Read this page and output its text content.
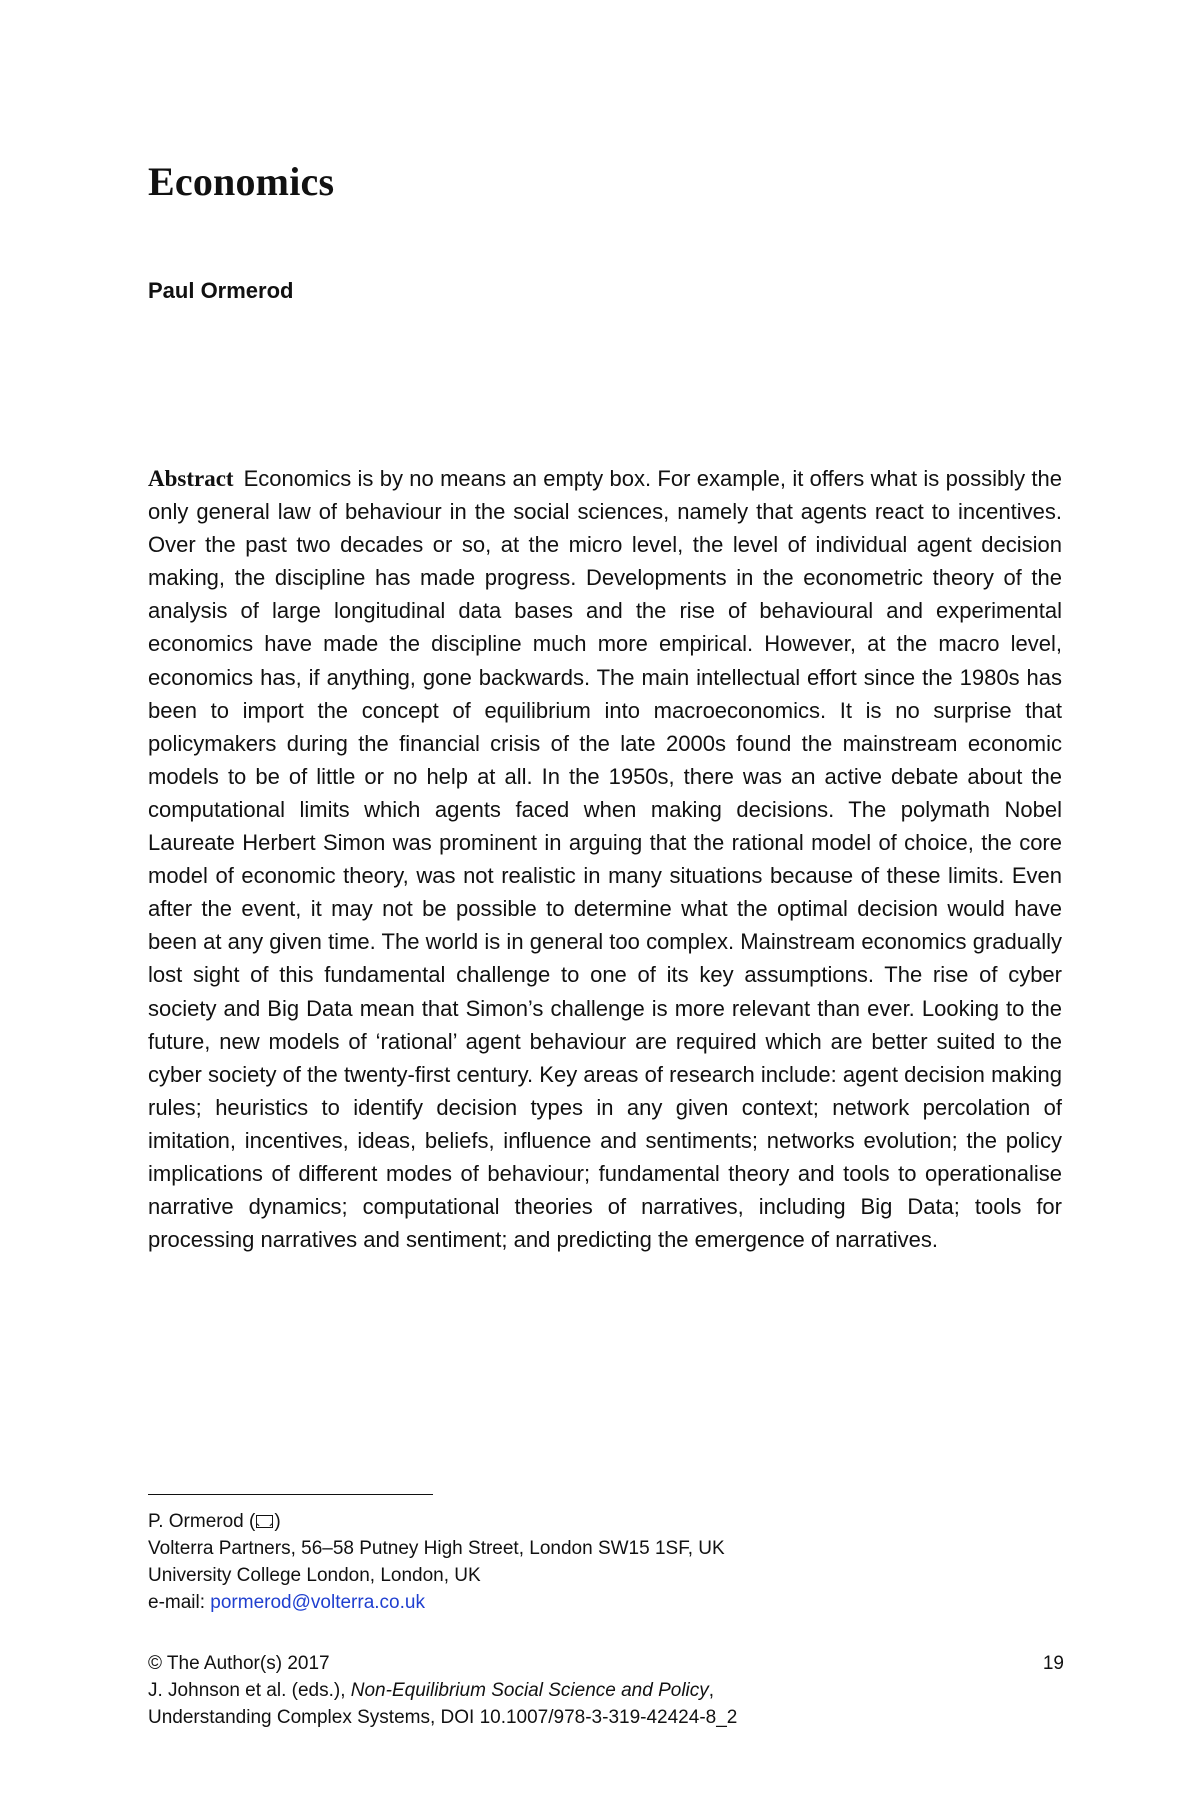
Economics

Paul Ormerod

Abstract Economics is by no means an empty box. For example, it offers what is possibly the only general law of behaviour in the social sciences, namely that agents react to incentives. Over the past two decades or so, at the micro level, the level of individual agent decision making, the discipline has made progress. Developments in the econometric theory of the analysis of large longitudinal data bases and the rise of behavioural and experimental economics have made the discipline much more empirical. However, at the macro level, economics has, if anything, gone backwards. The main intellectual effort since the 1980s has been to import the concept of equilibrium into macroeconomics. It is no surprise that policymakers during the financial crisis of the late 2000s found the mainstream economic models to be of little or no help at all. In the 1950s, there was an active debate about the computational limits which agents faced when making decisions. The polymath Nobel Laureate Herbert Simon was prominent in arguing that the rational model of choice, the core model of economic theory, was not realistic in many situations because of these limits. Even after the event, it may not be possible to determine what the optimal decision would have been at any given time. The world is in general too complex. Mainstream economics gradually lost sight of this fundamental challenge to one of its key assumptions. The rise of cyber society and Big Data mean that Simon’s challenge is more relevant than ever. Looking to the future, new models of ‘rational’ agent behaviour are required which are better suited to the cyber society of the twenty-first century. Key areas of research include: agent decision making rules; heuristics to identify decision types in any given context; network percolation of imitation, incentives, ideas, beliefs, influence and sentiments; networks evolution; the policy implications of different modes of behaviour; fundamental theory and tools to operationalise narrative dynamics; computational theories of narratives, including Big Data; tools for processing narratives and sentiment; and predicting the emergence of narratives.

P. Ormerod ( )
Volterra Partners, 56–58 Putney High Street, London SW15 1SF, UK
University College London, London, UK
e-mail: pormerod@volterra.co.uk
19
© The Author(s) 2017
J. Johnson et al. (eds.), Non-Equilibrium Social Science and Policy,
Understanding Complex Systems, DOI 10.1007/978-3-319-42424-8_2
